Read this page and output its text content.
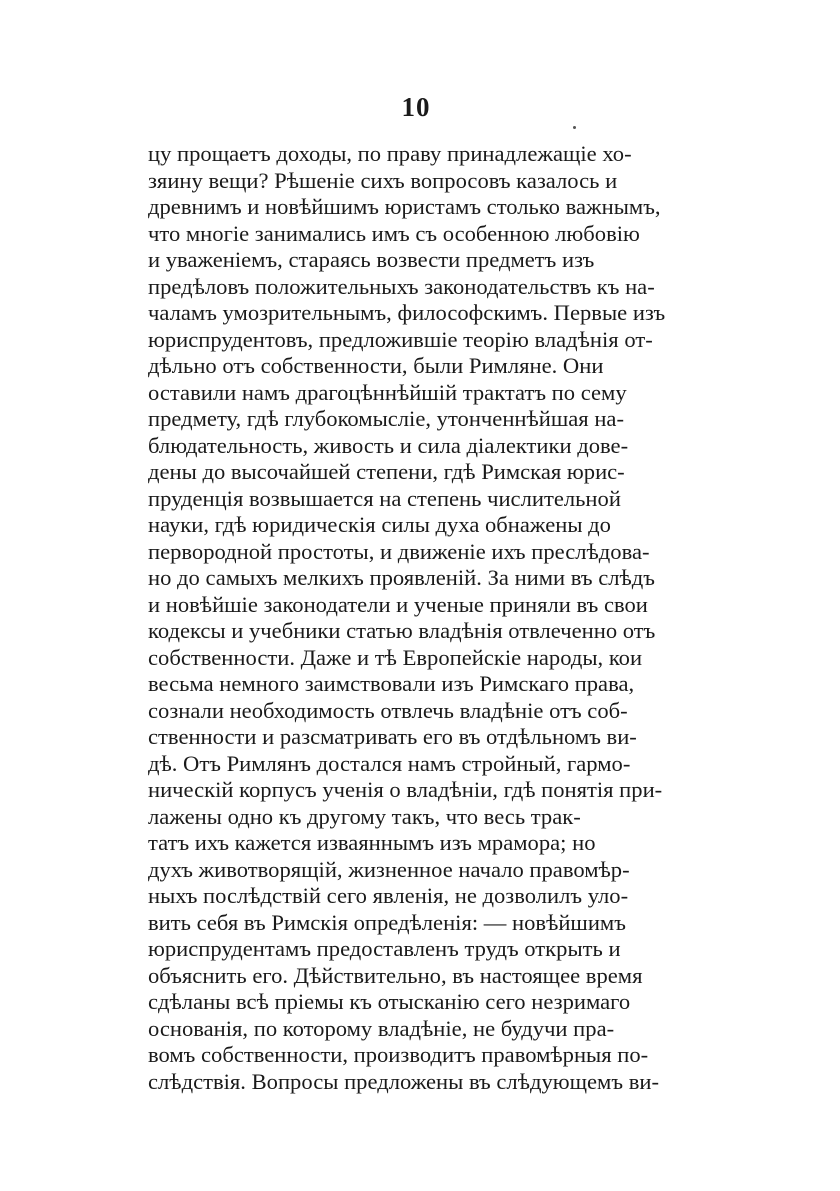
10
цу прощаетъ доходы, по праву принадлежащіе хо-
зяину вещи? Рѣшеніе сихъ вопросовъ казалось и
древнимъ и новѣйшимъ юристамъ столько важнымъ,
что многіе занимались имъ съ особенною любовію
и уваженіемъ, стараясь возвести предметъ изъ
предѣловъ положительныхъ законодательствъ къ на-
чаламъ умозрительнымъ, философскимъ. Первые изъ
юриспрудентовъ, предложившіе теорію владѣнія от-
дѣльно отъ собственности, были Римляне. Они
оставили намъ драгоцѣннѣйшій трактатъ по сему
предмету, гдѣ глубокомысліе, утонченнѣйшая на-
блюдательность, живость и сила діалектики дове-
дены до высочайшей степени, гдѣ Римская юрис-
пруденція возвышается на степень числительной
науки, гдѣ юридическія силы духа обнажены до
первородной простоты, и движеніе ихъ преслѣдова-
но до самыхъ мелкихъ проявленій. За ними въ слѣдъ
и новѣйшіе законодатели и ученые приняли въ свои
кодексы и учебники статью владѣнія отвлеченно отъ
собственности. Даже и тѣ Европейскіе народы, кои
весьма немного заимствовали изъ Римскаго права,
сознали необходимость отвлечь владѣніе отъ соб-
ственности и разсматривать его въ отдѣльномъ ви-
дѣ. Отъ Римлянъ достался намъ стройный, гармо-
ническій корпусъ ученія о владѣніи, гдѣ понятія при-
лажены одно къ другому такъ, что весь трак-
татъ ихъ кажется изваяннымъ изъ мрамора; но
духъ животворящій, жизненное начало правомѣр-
ныхъ послѣдствій сего явленія, не дозволилъ уло-
вить себя въ Римскія опредѣленія: — новѣйшимъ
юриспрудентамъ предоставленъ трудъ открыть и
объяснить его. Дѣйствительно, въ настоящее время
сдѣланы всѣ пріемы къ отысканію сего незримаго
основанія, по которому владѣніе, не будучи пра-
вомъ собственности, производитъ правомѣрныя по-
слѣдствія. Вопросы предложены въ слѣдующемъ ви-
